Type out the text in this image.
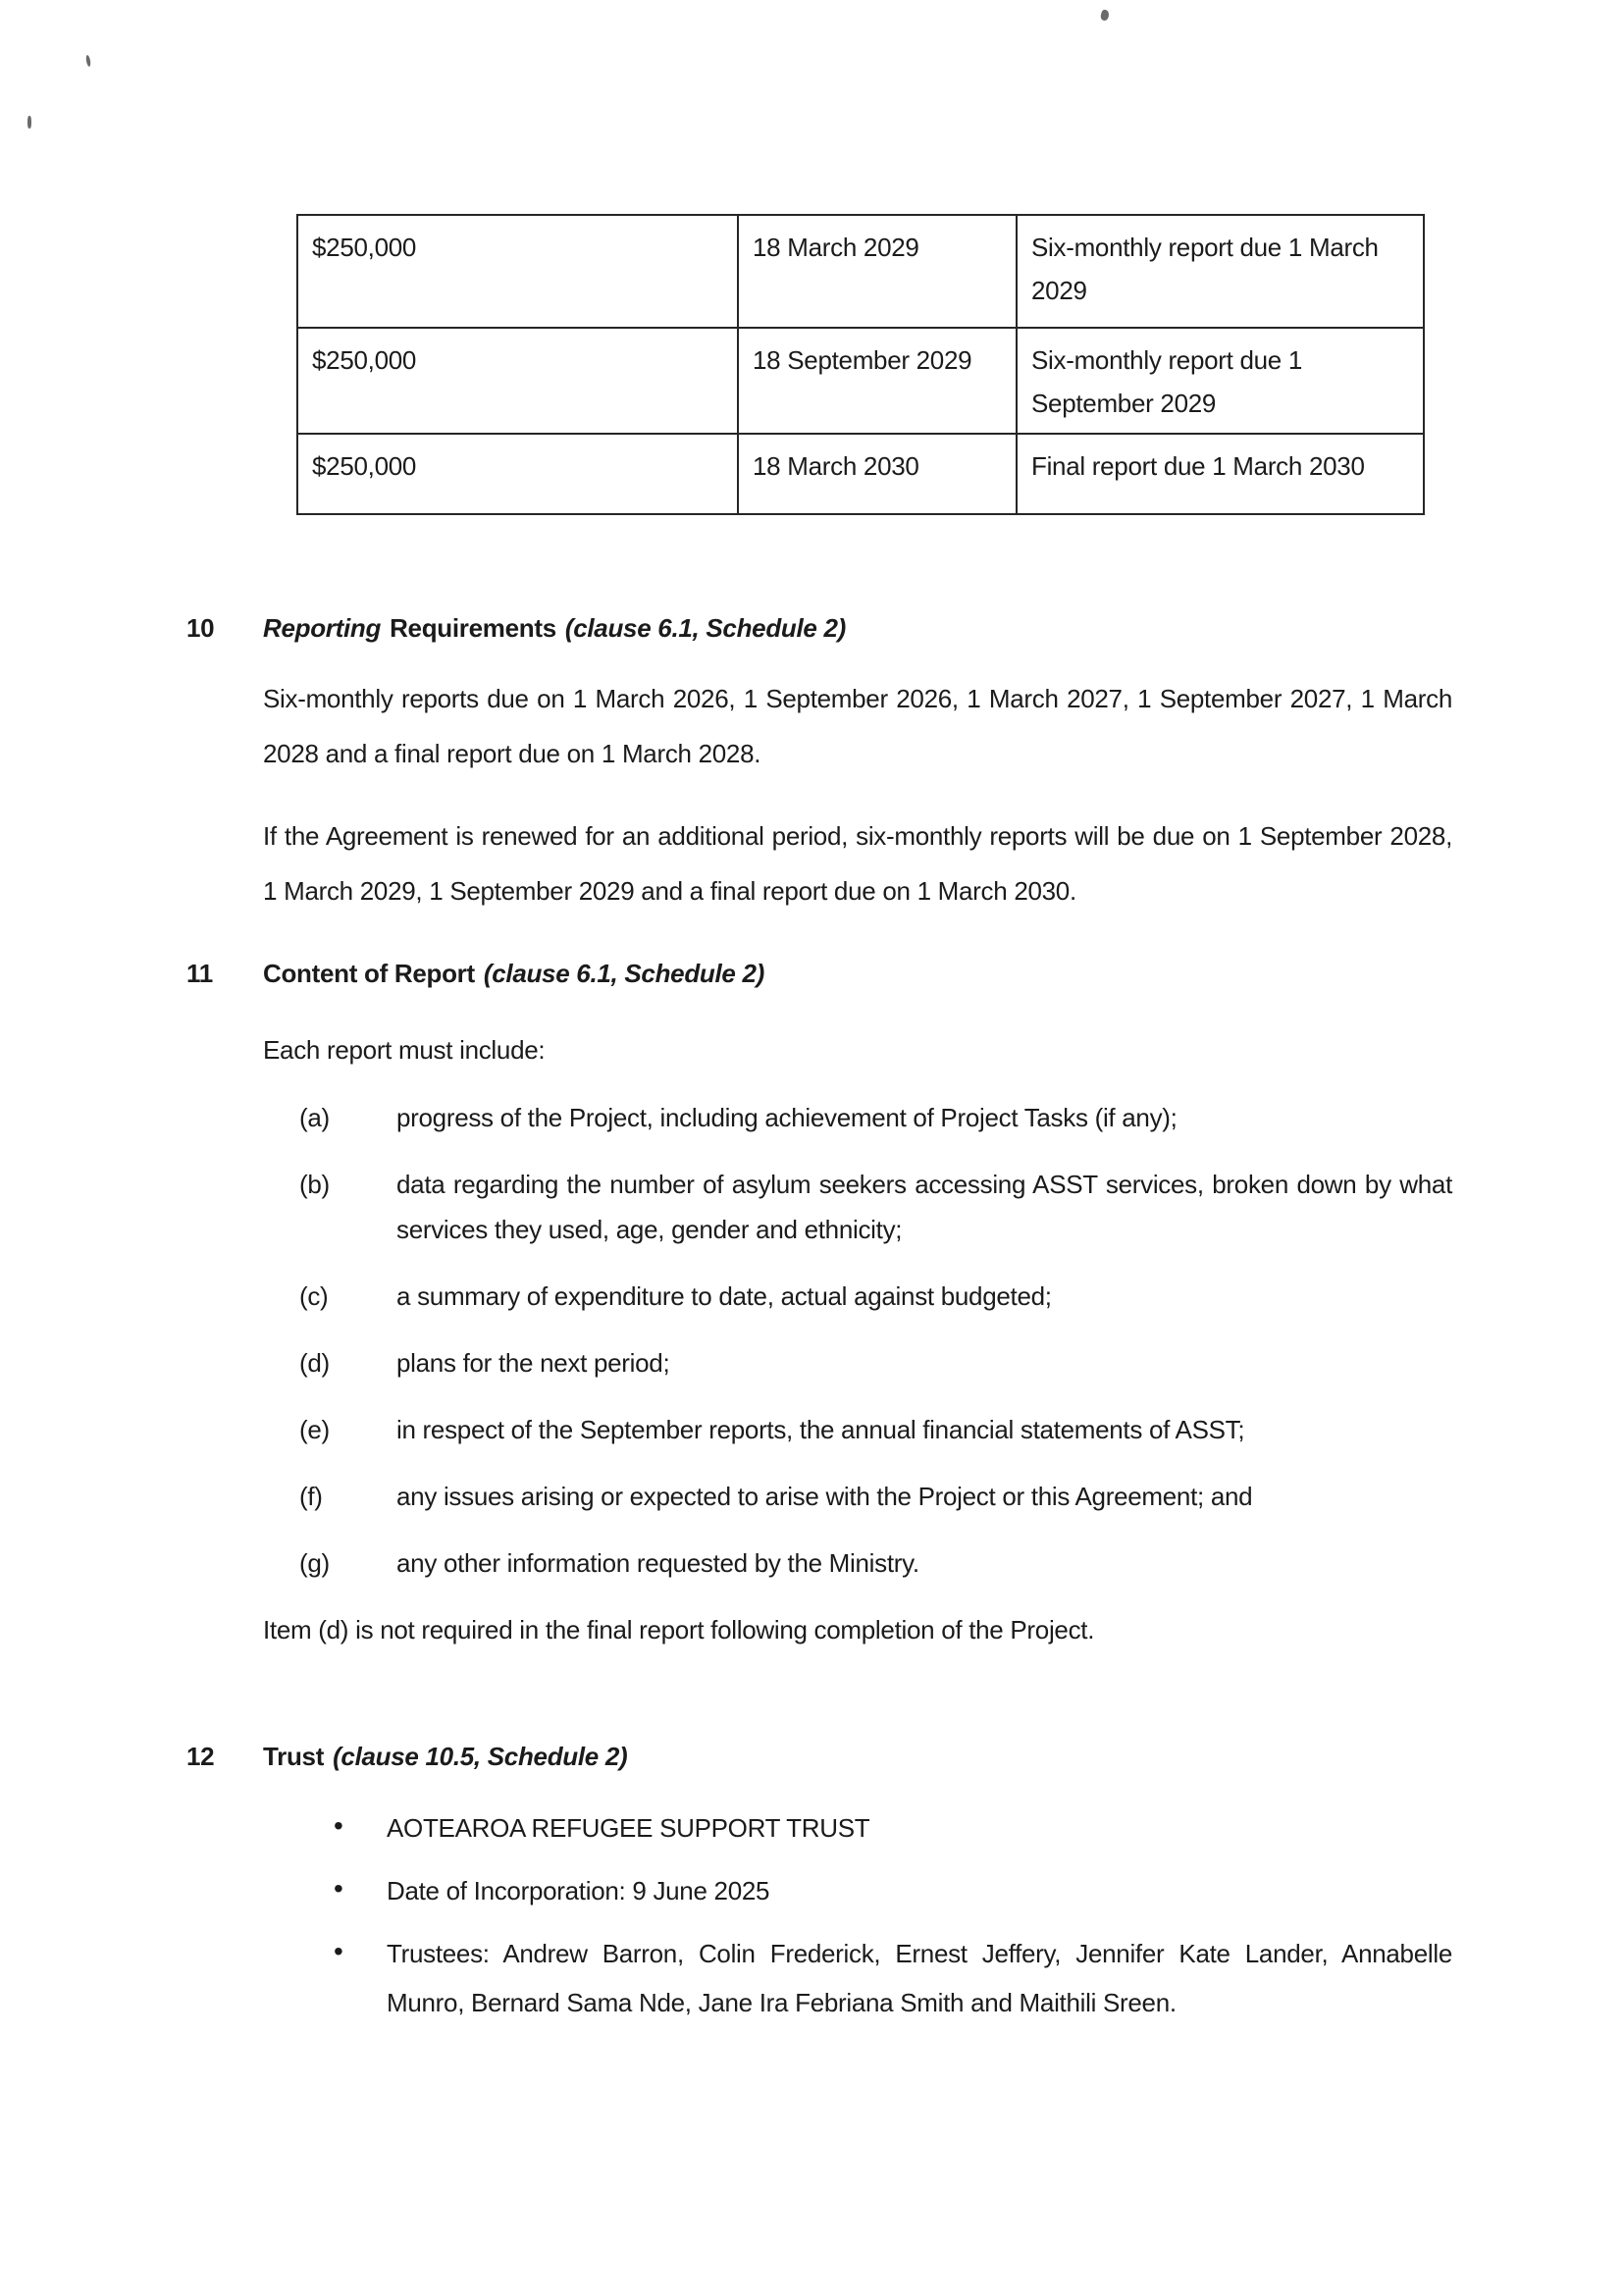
$250,000	18 March 2029	Six-monthly report due 1 March 2029
$250,000	18 September 2029	Six-monthly report due 1 September 2029
$250,000	18 March 2030	Final report due 1 March 2030
10	Reporting Requirements (clause 6.1, Schedule 2)

Six-monthly reports due on 1 March 2026, 1 September 2026, 1 March 2027, 1 September 2027, 1 March 2028 and a final report due on 1 March 2028.

If the Agreement is renewed for an additional period, six-monthly reports will be due on 1 September 2028, 1 March 2029, 1 September 2029 and a final report due on 1 March 2030.

11	Content of Report (clause 6.1, Schedule 2)

Each report must include:

(a)	progress of the Project, including achievement of Project Tasks (if any);
(b)	data regarding the number of asylum seekers accessing ASST services, broken down by what services they used, age, gender and ethnicity;
(c)	a summary of expenditure to date, actual against budgeted;
(d)	plans for the next period;
(e)	in respect of the September reports, the annual financial statements of ASST;
(f)	any issues arising or expected to arise with the Project or this Agreement; and
(g)	any other information requested by the Ministry.

Item (d) is not required in the final report following completion of the Project.

12	Trust (clause 10.5, Schedule 2)
•
AOTEAROA REFUGEE SUPPORT TRUST
•
Date of Incorporation: 9 June 2025
•
Trustees: Andrew Barron, Colin Frederick, Ernest Jeffery, Jennifer Kate Lander, Annabelle Munro, Bernard Sama Nde, Jane Ira Febriana Smith and Maithili Sreen.
